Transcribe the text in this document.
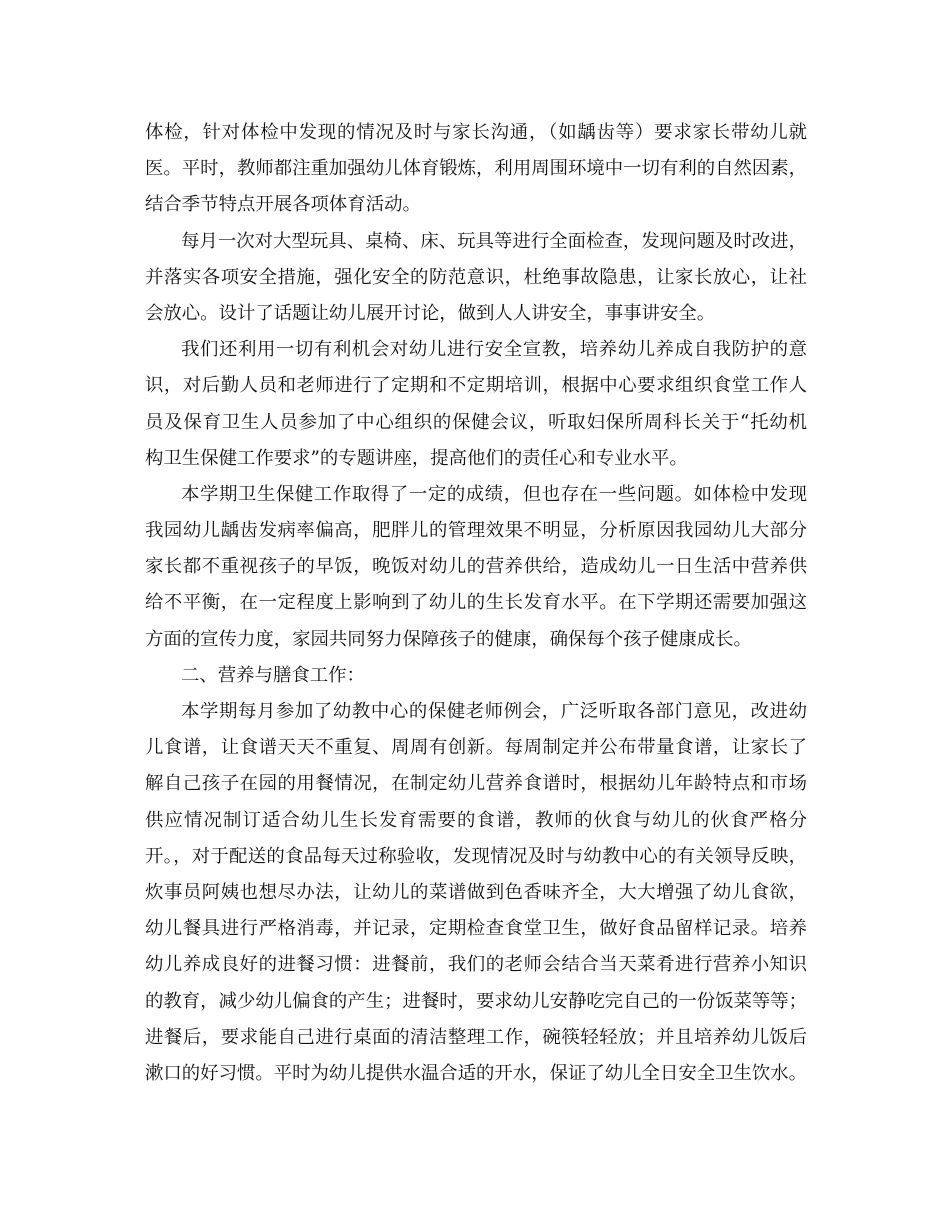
体检，针对体检中发现的情况及时与家长沟通，（如龋齿等）要求家长带幼儿就
医。平时，教师都注重加强幼儿体育锻炼，利用周围环境中一切有利的自然因素，
结合季节特点开展各项体育活动。
每月一次对大型玩具、桌椅、床、玩具等进行全面检查，发现问题及时改进，
并落实各项安全措施，强化安全的防范意识，杜绝事故隐患，让家长放心，让社
会放心。设计了话题让幼儿展开讨论，做到人人讲安全，事事讲安全。
我们还利用一切有利机会对幼儿进行安全宣教，培养幼儿养成自我防护的意
识，对后勤人员和老师进行了定期和不定期培训，根据中心要求组织食堂工作人
员及保育卫生人员参加了中心组织的保健会议，听取妇保所周科长关于“托幼机
构卫生保健工作要求”的专题讲座，提高他们的责任心和专业水平。
本学期卫生保健工作取得了一定的成绩，但也存在一些问题。如体检中发现
我园幼儿龋齿发病率偏高，肥胖儿的管理效果不明显，分析原因我园幼儿大部分
家长都不重视孩子的早饭，晚饭对幼儿的营养供给，造成幼儿一日生活中营养供
给不平衡，在一定程度上影响到了幼儿的生长发育水平。在下学期还需要加强这
方面的宣传力度，家园共同努力保障孩子的健康，确保每个孩子健康成长。
二、营养与膳食工作：
本学期每月参加了幼教中心的保健老师例会，广泛听取各部门意见，改进幼
儿食谱，让食谱天天不重复、周周有创新。每周制定并公布带量食谱，让家长了
解自己孩子在园的用餐情况，在制定幼儿营养食谱时，根据幼儿年龄特点和市场
供应情况制订适合幼儿生长发育需要的食谱，教师的伙食与幼儿的伙食严格分
开。，对于配送的食品每天过称验收，发现情况及时与幼教中心的有关领导反映，
炊事员阿姨也想尽办法，让幼儿的菜谱做到色香味齐全，大大增强了幼儿食欲，
幼儿餐具进行严格消毒，并记录，定期检查食堂卫生，做好食品留样记录。培养
幼儿养成良好的进餐习惯：进餐前，我们的老师会结合当天菜肴进行营养小知识
的教育，减少幼儿偏食的产生；进餐时，要求幼儿安静吃完自己的一份饭菜等等；
进餐后，要求能自己进行桌面的清洁整理工作，碗筷轻轻放；并且培养幼儿饭后
漱口的好习惯。平时为幼儿提供水温合适的开水，保证了幼儿全日安全卫生饮水。
